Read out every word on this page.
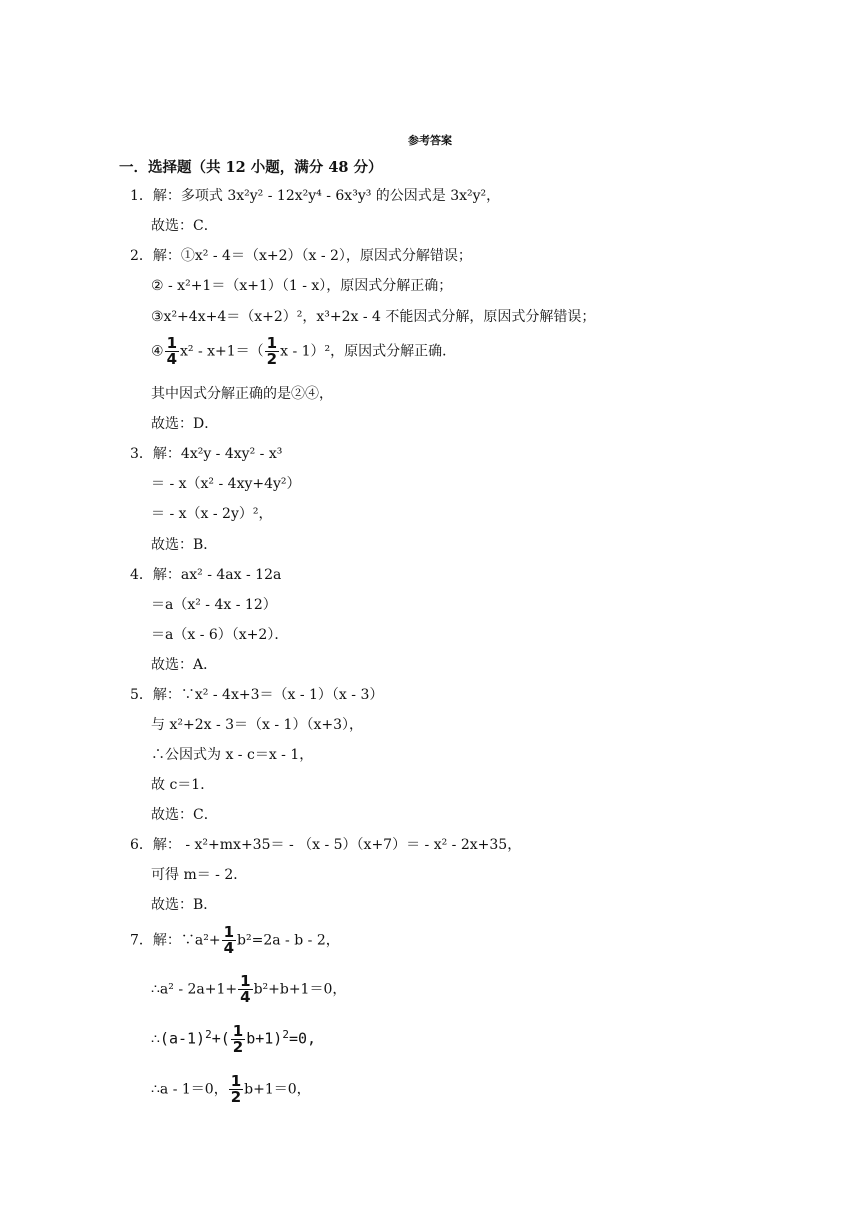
参考答案
一．选择题（共 12 小题，满分 48 分）
1．解：多项式 3x²y² - 12x²y⁴ - 6x³y³ 的公因式是 3x²y²，
故选：C．
2．解：①x² - 4＝（x+2）（x - 2），原因式分解错误；
② - x²+1＝（x+1）（1 - x），原因式分解正确；
③x²+4x+4＝（x+2）²，x³+2x - 4 不能因式分解，原因式分解错误；
④ $\frac{1}{4} x^2 - x+1=( \frac{1}{2}$ x - 1）²，原因式分解正确．
其中因式分解正确的是②④，
故选：D．
3．解：4x²y - 4xy² - x³
＝ - x（x² - 4xy+4y²）
＝ - x（x - 2y）²，
故选：B．
4．解：ax² - 4ax - 12a
＝a（x² - 4x - 12）
＝a（x - 6）（x+2）．
故选：A．
5．解：∵x² - 4x+3＝（x - 1）（x - 3）
与 x²+2x - 3＝（x - 1）（x+3），
∴公因式为 x - c＝x - 1，
故 c＝1．
故选：C．
6．解： - x²+mx+35＝ - （x - 5）（x+7）＝ - x² - 2x+35，
可得 m＝ - 2．
故选：B．
7．解：∵a²+ $\frac{1}{4} b^2=2a - b - 2$，
∴a² - $2a+1+ \frac{1}{4} b^2+b+1=0$，
$\therefore(a-1)^2+( \frac{1}{2} b+1)^2=0$,
∴a - 1＝0， $\frac{1}{2} b+1=0$，
